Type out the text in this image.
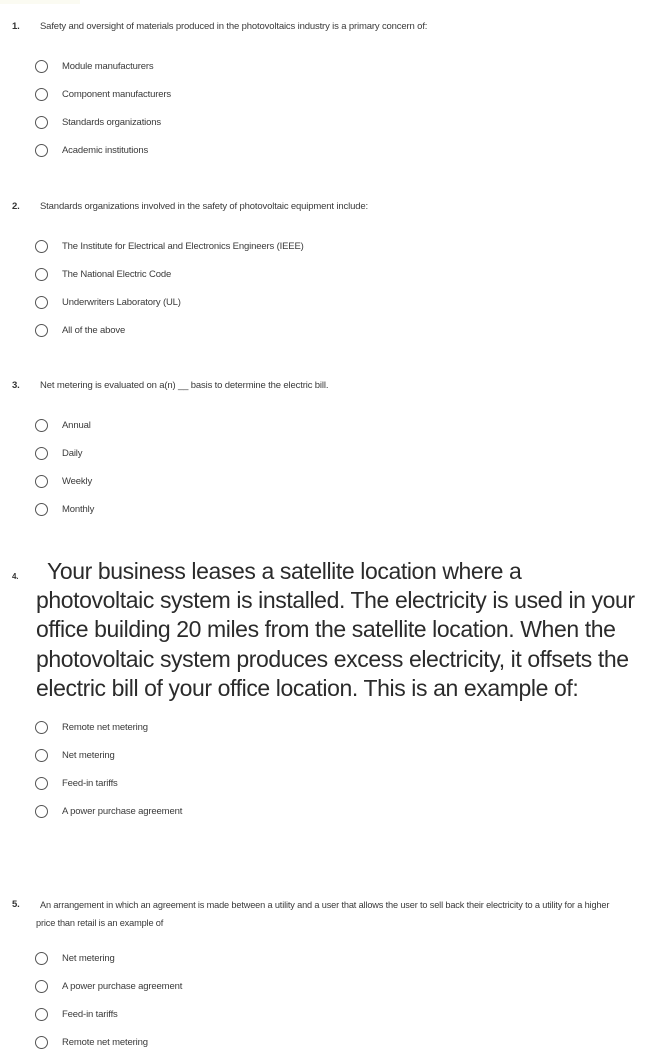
1. Safety and oversight of materials produced in the photovoltaics industry is a primary concern of:
Module manufacturers
Component manufacturers
Standards organizations
Academic institutions
2. Standards organizations involved in the safety of photovoltaic equipment include:
The Institute for Electrical and Electronics Engineers (IEEE)
The National Electric Code
Underwriters Laboratory (UL)
All of the above
3. Net metering is evaluated on a(n) __ basis to determine the electric bill.
Annual
Daily
Weekly
Monthly
4.	Your business leases a satellite location where a photovoltaic system is installed. The electricity is used in your office building 20 miles from the satellite location. When the photovoltaic system produces excess electricity, it offsets the electric bill of your office location. This is an example of:
Remote net metering
Net metering
Feed-in tariffs
A power purchase agreement
5.	An arrangement in which an agreement is made between a utility and a user that allows the user to sell back their electricity to a utility for a higher price than retail is an example of
Net metering
A power purchase agreement
Feed-in tariffs
Remote net metering
